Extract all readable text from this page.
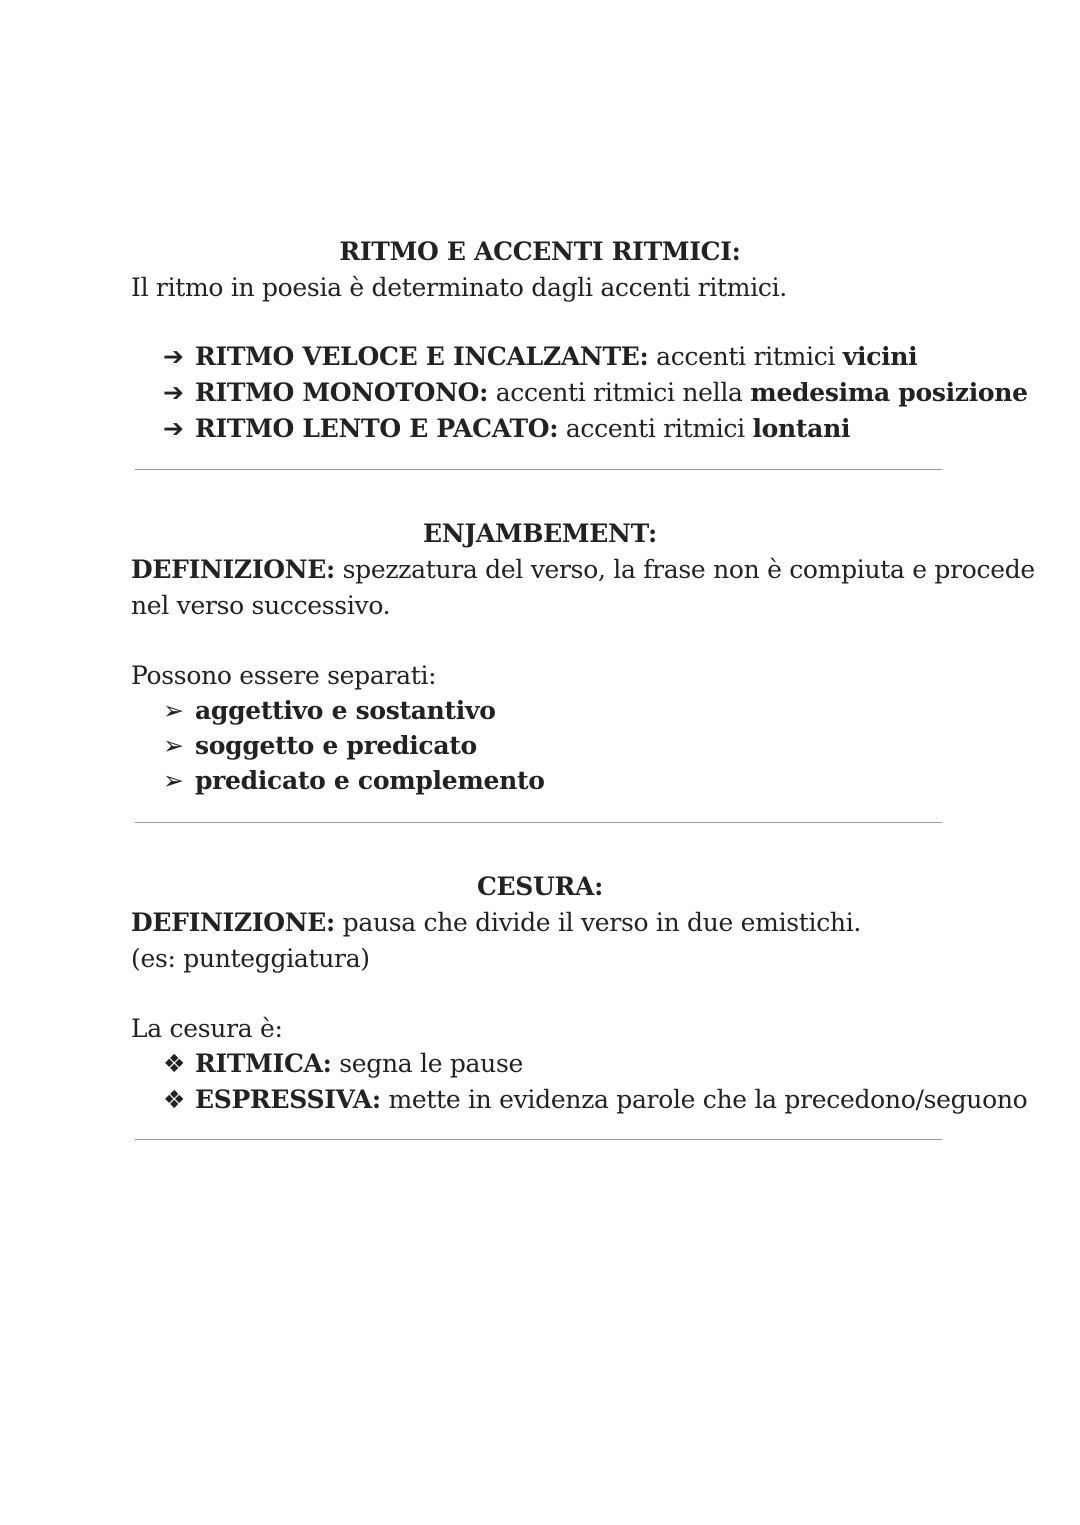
RITMO E ACCENTI RITMICI:
Il ritmo in poesia è determinato dagli accenti ritmici.
➔ RITMO VELOCE E INCALZANTE: accenti ritmici vicini
➔ RITMO MONOTONO: accenti ritmici nella medesima posizione
➔ RITMO LENTO E PACATO: accenti ritmici lontani
ENJAMBEMENT:
DEFINIZIONE: spezzatura del verso, la frase non è compiuta e procede
nel verso successivo.
Possono essere separati:
➢ aggettivo e sostantivo
➢ soggetto e predicato
➢ predicato e complemento
CESURA:
DEFINIZIONE: pausa che divide il verso in due emistichi.
(es: punteggiatura)
La cesura è:
❖ RITMICA: segna le pause
❖ ESPRESSIVA: mette in evidenza parole che la precedono/seguono
